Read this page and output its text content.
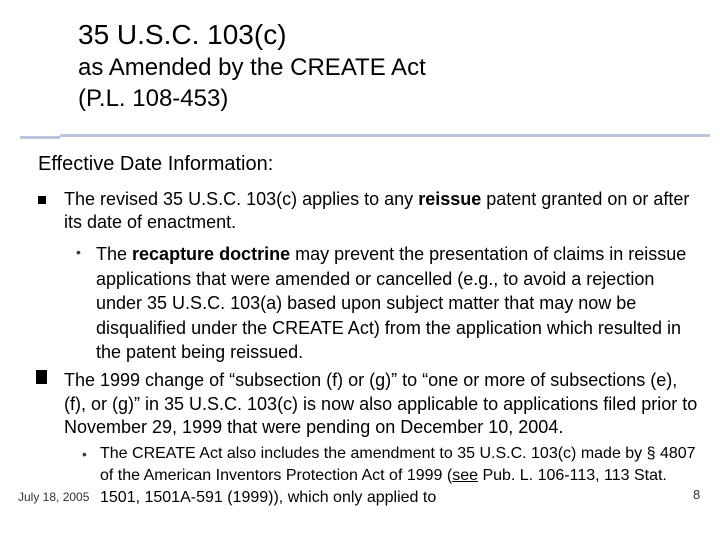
35 U.S.C. 103(c)
as Amended by the CREATE Act
(P.L. 108-453)
Effective Date Information:
The revised 35 U.S.C. 103(c) applies to any reissue patent granted on or after its date of enactment.
• The recapture doctrine may prevent the presentation of claims in reissue applications that were amended or cancelled (e.g., to avoid a rejection under 35 U.S.C. 103(a) based upon subject matter that may now be disqualified under the CREATE Act) from the application which resulted in the patent being reissued.
The 1999 change of “subsection (f) or (g)” to “one or more of subsections (e), (f), or (g)” in 35 U.S.C. 103(c) is now also applicable to applications filed prior to November 29, 1999 that were pending on December 10, 2004.
• The CREATE Act also includes the amendment to 35 U.S.C. 103(c) made by § 4807 of the American Inventors Protection Act of 1999 (see Pub. L. 106-113, 113 Stat. 1501, 1501A-591 (1999)), which only applied to
July 18, 2005	8
